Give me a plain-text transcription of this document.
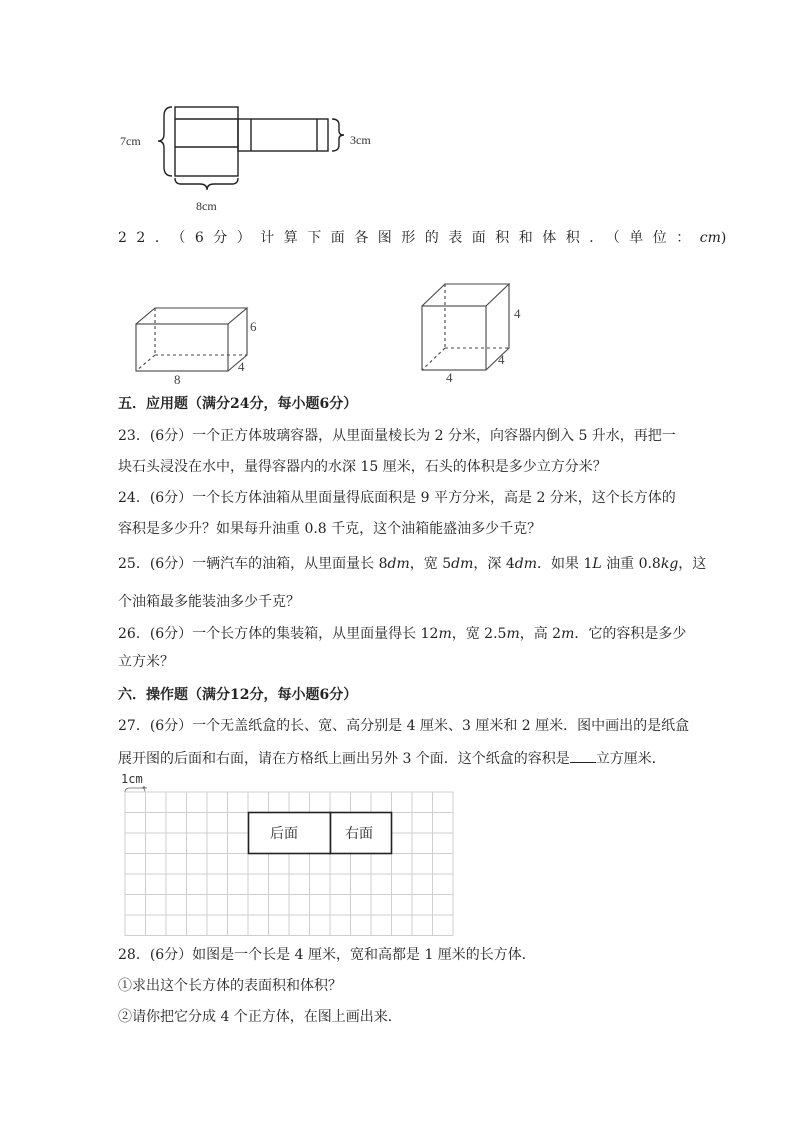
7cm	3cm
8cm
22．（6分）计算下面各图形的表面积和体积．（单位：cm)
6
4
8
4
4
4
五．应用题（满分24分，每小题6分）
23．(6分）一个正方体玻璃容器，从里面量棱长为 2 分米，向容器内倒入 5 升水，再把一
块石头浸没在水中，量得容器内的水深 15 厘米，石头的体积是多少立方分米？
24．(6分）一个长方体油箱从里面量得底面积是 9 平方分米，高是 2 分米，这个长方体的
容积是多少升？如果每升油重 0.8 千克，这个油箱能盛油多少千克？
25．(6分）一辆汽车的油箱，从里面量长 8dm，宽 5dm，深 4dm．如果 1L 油重 0.8kg，这
个油箱最多能装油多少千克？
26．(6分）一个长方体的集装箱，从里面量得长 12m，宽 2.5m，高 2m．它的容积是多少
立方米？
六．操作题（满分12分，每小题6分）
27．(6分）一个无盖纸盒的长、宽、高分别是 4 厘米、3 厘米和 2 厘米．图中画出的是纸盒
展开图的后面和右面，请在方格纸上画出另外 3 个面．这个纸盒的容积是 立方厘米．
1cm
后面	右面
28．(6分）如图是一个长是 4 厘米，宽和高都是 1 厘米的长方体．
①求出这个长方体的表面积和体积？
②请你把它分成 4 个正方体，在图上画出来．
